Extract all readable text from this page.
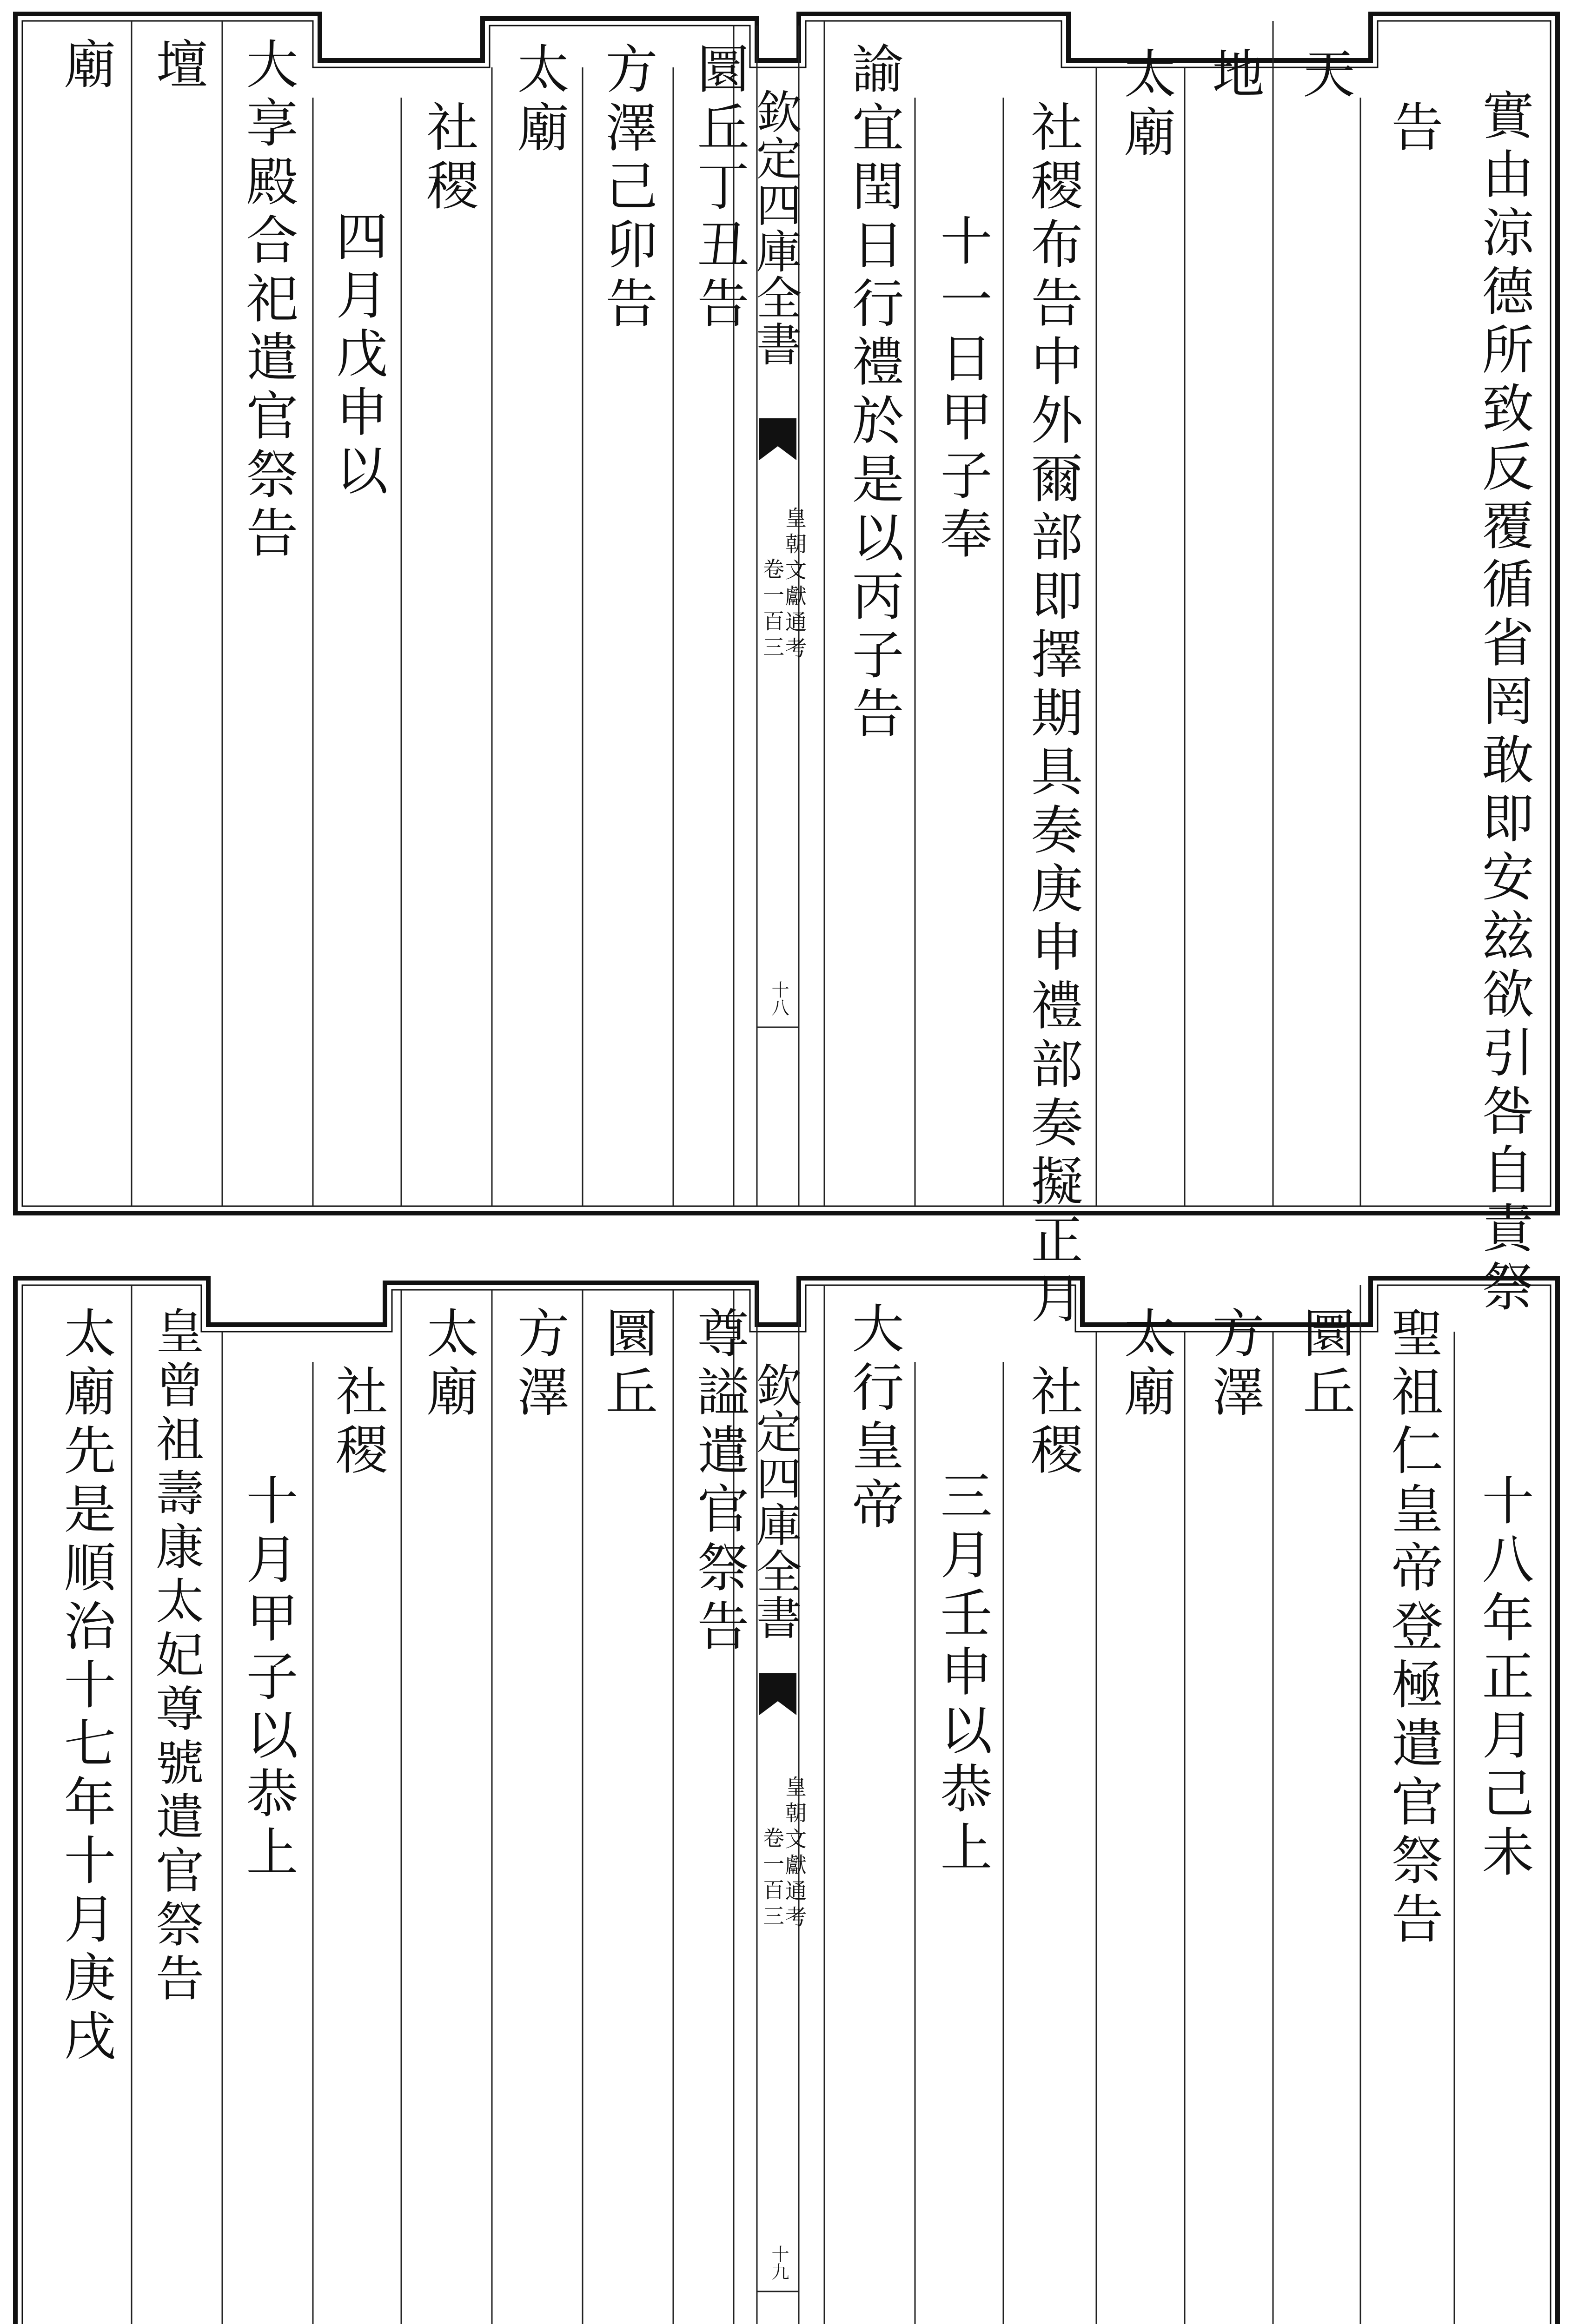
實由涼德所致反覆循省罔敢即安玆欲引咎自責祭
告
天
地
太廟
社稷布告中外爾部即擇期具奏庚申禮部奏擬正月
十一日甲子奉
諭宜閏日行禮於是以丙子告
欽定四庫全書
皇朝文獻通考
卷一百三
十八
圜丘丁丑告
方澤己卯告
太廟
社稷
四月戊申以
大享殿合祀遣官祭告
壇
廟
十八年正月己未
聖祖仁皇帝登極遣官祭告
圜丘
方澤
太廟
社稷
三月壬申以恭上
大行皇帝
欽定四庫全書
皇朝文獻通考
卷一百三
十九
尊謚遣官祭告
圜丘
方澤
太廟
社稷
十月甲子以恭上
皇曾祖壽康太妃尊號遣官祭告
太廟先是順治十七年十月庚戌
